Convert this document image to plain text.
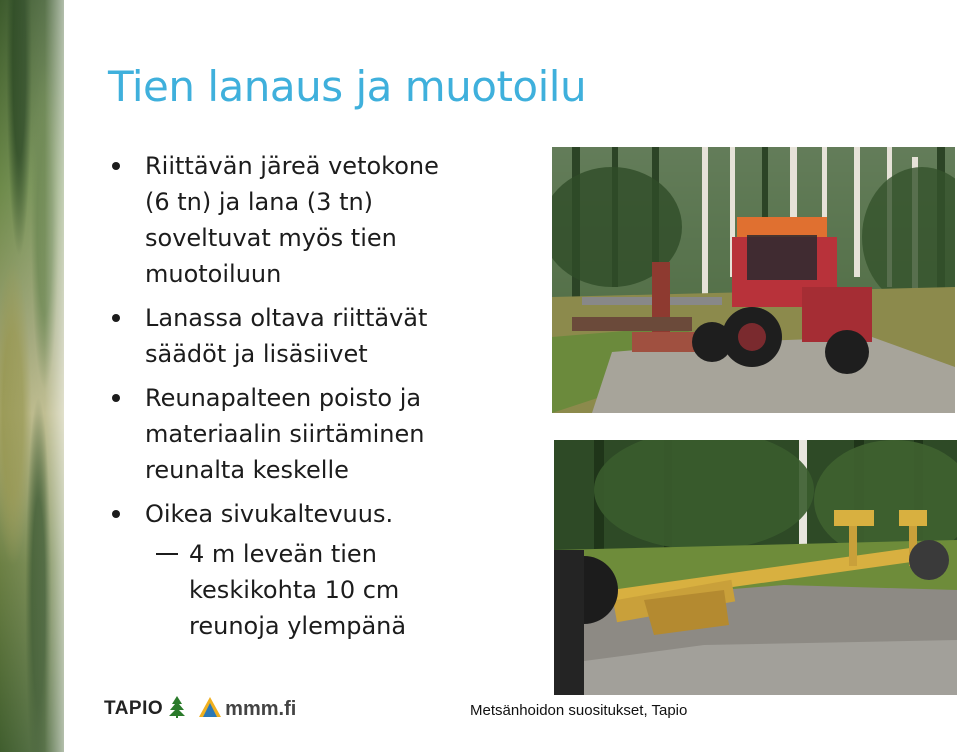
Tien lanaus ja muotoilu
Riittävän järeä vetokone
(6 tn) ja lana (3 tn)
soveltuvat myös tien
muotoiluun
Lanassa oltava riittävät
säädöt ja lisäsiivet
Reunapalteen poisto ja
materiaalin siirtäminen
reunalta keskelle
Oikea sivukaltevuus.
4 m leveän tien
keskikohta 10 cm
reunoja ylempänä
TAPIO	mmm.fi	Metsänhoidon suositukset, Tapio
